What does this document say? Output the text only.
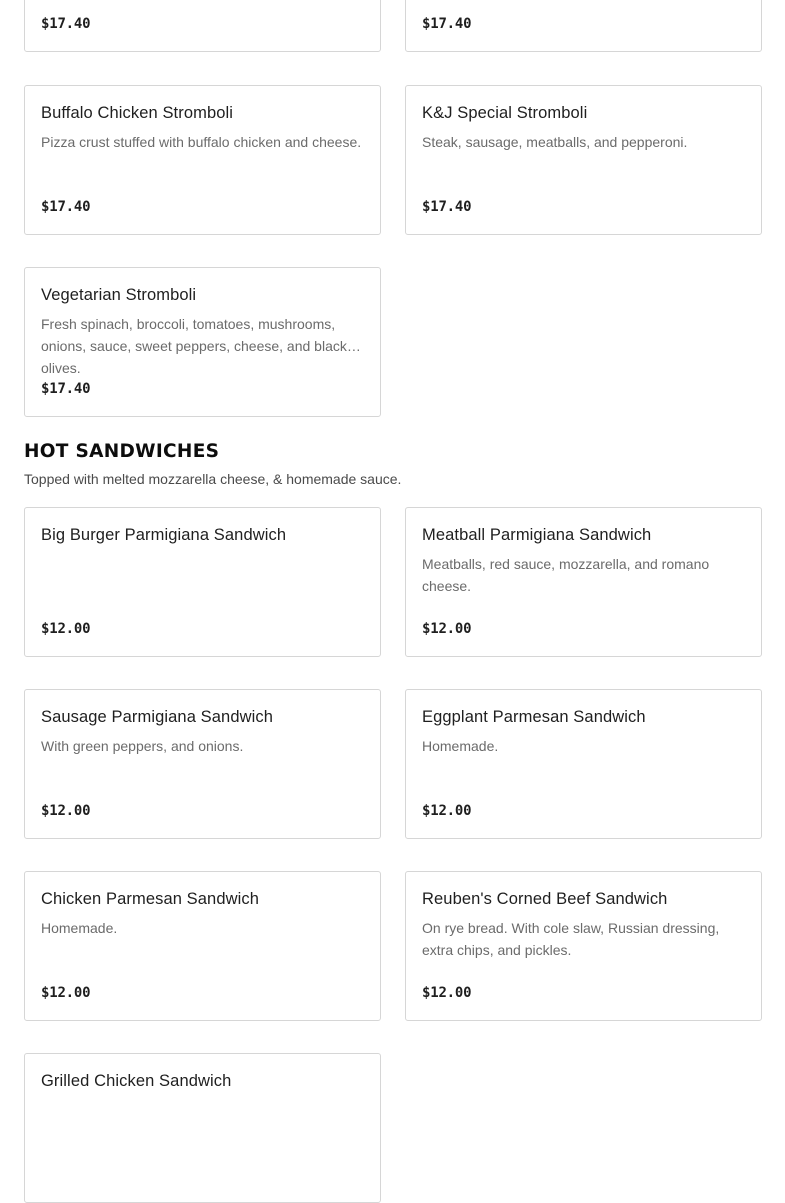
$17.40	$17.40
Buffalo Chicken Stromboli
Pizza crust stuffed with buffalo chicken and cheese.
$17.40
K&J Special Stromboli
Steak, sausage, meatballs, and pepperoni.
$17.40
Vegetarian Stromboli
Fresh spinach, broccoli, tomatoes, mushrooms, onions, sauce, sweet peppers, cheese, and black olives.
$17.40
HOT SANDWICHES

Topped with melted mozzarella cheese, & homemade sauce.

Big Burger Parmigiana Sandwich
$12.00
Meatball Parmigiana Sandwich
Meatballs, red sauce, mozzarella, and romano cheese.
$12.00
Sausage Parmigiana Sandwich
With green peppers, and onions.
$12.00
Eggplant Parmesan Sandwich
Homemade.
$12.00
Chicken Parmesan Sandwich
Homemade.
$12.00
Reuben's Corned Beef Sandwich
On rye bread. With cole slaw, Russian dressing, extra chips, and pickles.
$12.00
Grilled Chicken Sandwich
